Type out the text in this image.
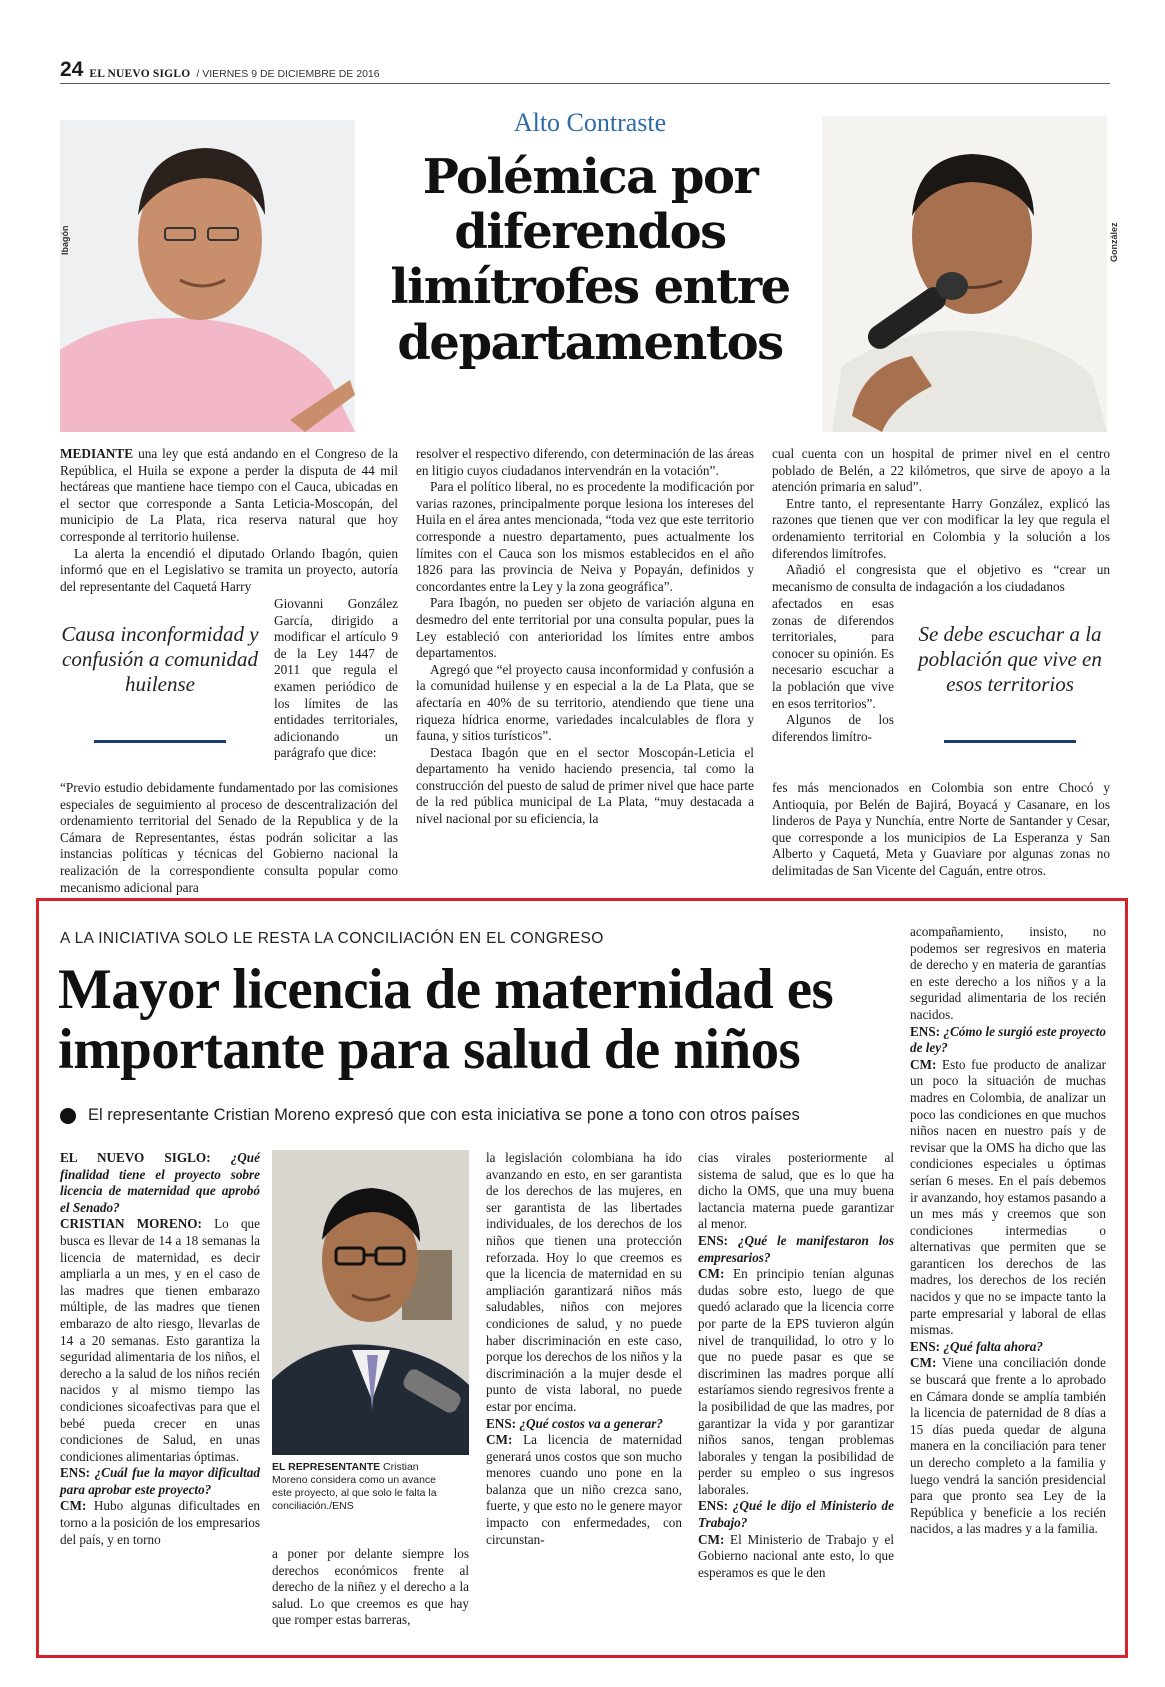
24 EL NUEVO SIGLO / VIERNES 9 DE DICIEMBRE DE 2016
Ibagón	González
Alto Contraste
Polémica por
diferendos
limítrofes entre
departamentos

MEDIANTE una ley que está andando en el Congreso de la República, el Huila se expone a perder la disputa de 44 mil hectáreas que mantiene hace tiempo con el Cauca, ubicadas en el sector que corresponde a Santa Leticia-Moscopán, del municipio de La Plata, rica reserva natural que hoy corresponde al territorio huilense.

La alerta la encendió el diputado Orlando Ibagón, quien informó que en el Legislativo se tramita un proyecto, autoría del representante del Caquetá Harry

Giovanni González García, dirigido a modificar el artículo 9 de la Ley 1447 de 2011 que regula el examen periódico de los límites de las entidades territoriales, adicionando un parágrafo que dice:

Causa inconformidad y confusión a comunidad huilense

“Previo estudio debidamente fundamentado por las comisiones especiales de seguimiento al proceso de descentralización del ordenamiento territorial del Senado de la Republica y de la Cámara de Representantes, éstas podrán solicitar a las instancias políticas y técnicas del Gobierno nacional la realización de la correspondiente consulta popular como mecanismo adicional para

resolver el respectivo diferendo, con determinación de las áreas en litigio cuyos ciudadanos intervendrán en la votación”.

Para el político liberal, no es procedente la modificación por varias razones, principalmente porque lesiona los intereses del Huila en el área antes mencionada, “toda vez que este territorio corresponde a nuestro departamento, pues actualmente los límites con el Cauca son los mismos establecidos en el año 1826 para las provincia de Neiva y Popayán, definidos y concordantes entre la Ley y la zona geográfica”.

Para Ibagón, no pueden ser objeto de variación alguna en desmedro del ente territorial por una consulta popular, pues la Ley estableció con anterioridad los límites entre ambos departamentos.

Agregó que “el proyecto causa inconformidad y confusión a la comunidad huilense y en especial a la de La Plata, que se afectaría en 40% de su territorio, atendiendo que tiene una riqueza hídrica enorme, variedades incalculables de flora y fauna, y sitios turísticos”.

Destaca Ibagón que en el sector Moscopán-Leticia el departamento ha venido haciendo presencia, tal como la construcción del puesto de salud de primer nivel que hace parte de la red pública municipal de La Plata, “muy destacada a nivel nacional por su eficiencia, la

cual cuenta con un hospital de primer nivel en el centro poblado de Belén, a 22 kilómetros, que sirve de apoyo a la atención primaria en salud”.

Entre tanto, el representante Harry González, explicó las razones que tienen que ver con modificar la ley que regula el ordenamiento territorial en Colombia y la solución a los diferendos limítrofes.

Añadió el congresista que el objetivo es “crear un mecanismo de consulta de indagación a los ciudadanos

afectados en esas zonas de diferendos territoriales, para conocer su opinión. Es necesario escuchar a la población que vive en esos territorios”.

Algunos de los diferendos limítro-

Se debe escuchar a la población que vive en esos territorios

fes más mencionados en Colombia son entre Chocó y Antioquia, por Belén de Bajirá, Boyacá y Casanare, en los linderos de Paya y Nunchía, entre Norte de Santander y Cesar, que corresponde a los municipios de La Esperanza y San Alberto y Caquetá, Meta y Guaviare por algunas zonas no delimitadas de San Vicente del Caguán, entre otros.

A LA INICIATIVA SOLO LE RESTA LA CONCILIACIÓN EN EL CONGRESO
Mayor licencia de maternidad es
importante para salud de niños
El representante Cristian Moreno expresó que con esta iniciativa se pone a tono con otros países
EL REPRESENTANTE Cristian Moreno considera como un avance este proyecto, al que solo le falta la conciliación./ENS

EL NUEVO SIGLO: ¿Qué finalidad tiene el proyecto sobre licencia de maternidad que aprobó el Senado?

CRISTIAN MORENO: Lo que busca es llevar de 14 a 18 semanas la licencia de maternidad, es decir ampliarla a un mes, y en el caso de las madres que tienen embarazo múltiple, de las madres que tienen embarazo de alto riesgo, llevarlas de 14 a 20 semanas. Esto garantiza la seguridad alimentaria de los niños, el derecho a la salud de los niños recién nacidos y al mismo tiempo las condiciones sicoafectivas para que el bebé pueda crecer en unas condiciones de Salud, en unas condiciones alimentarias óptimas.

ENS: ¿Cuál fue la mayor dificultad para aprobar este proyecto?

CM: Hubo algunas dificultades en torno a la posición de los empresarios del país, y en torno

a poner por delante siempre los derechos económicos frente al derecho de la niñez y el derecho a la salud. Lo que creemos es que hay que romper estas barreras,

la legislación colombiana ha ido avanzando en esto, en ser garantista de los derechos de las mujeres, en ser garantista de las libertades individuales, de los derechos de los niños que tienen una protección reforzada. Hoy lo que creemos es que la licencia de maternidad en su ampliación garantizará niños más saludables, niños con mejores condiciones de salud, y no puede haber discriminación en este caso, porque los derechos de los niños y la discriminación a la mujer desde el punto de vista laboral, no puede estar por encima.

ENS: ¿Qué costos va a generar?

CM: La licencia de maternidad generará unos costos que son mucho menores cuando uno pone en la balanza que un niño crezca sano, fuerte, y que esto no le genere mayor impacto con enfermedades, con circunstan-

cias virales posteriormente al sistema de salud, que es lo que ha dicho la OMS, que una muy buena lactancia materna puede garantizar al menor.

ENS: ¿Qué le manifestaron los empresarios?

CM: En principio tenían algunas dudas sobre esto, luego de que quedó aclarado que la licencia corre por parte de la EPS tuvieron algún nivel de tranquilidad, lo otro y lo que no puede pasar es que se discriminen las madres porque allí estaríamos siendo regresivos frente a la posibilidad de que las madres, por garantizar la vida y por garantizar niños sanos, tengan problemas laborales y tengan la posibilidad de perder su empleo o sus ingresos laborales.

ENS: ¿Qué le dijo el Ministerio de Trabajo?

CM: El Ministerio de Trabajo y el Gobierno nacional ante esto, lo que esperamos es que le den

acompañamiento, insisto, no podemos ser regresivos en materia de derecho y en materia de garantías en este derecho a los niños y a la seguridad alimentaria de los recién nacidos.

ENS: ¿Cómo le surgió este proyecto de ley?

CM: Esto fue producto de analizar un poco la situación de muchas madres en Colombia, de analizar un poco las condiciones en que muchos niños nacen en nuestro país y de revisar que la OMS ha dicho que las condiciones especiales u óptimas serían 6 meses. En el país debemos ir avanzando, hoy estamos pasando a un mes más y creemos que son condiciones intermedias o alternativas que permiten que se garanticen los derechos de las madres, los derechos de los recién nacidos y que no se impacte tanto la parte empresarial y laboral de ellas mismas.

ENS: ¿Qué falta ahora?

CM: Viene una conciliación donde se buscará que frente a lo aprobado en Cámara donde se amplía también la licencia de paternidad de 8 días a 15 días pueda quedar de alguna manera en la conciliación para tener un derecho completo a la familia y luego vendrá la sanción presidencial para que pronto sea Ley de la República y beneficie a los recién nacidos, a las madres y a la familia.
